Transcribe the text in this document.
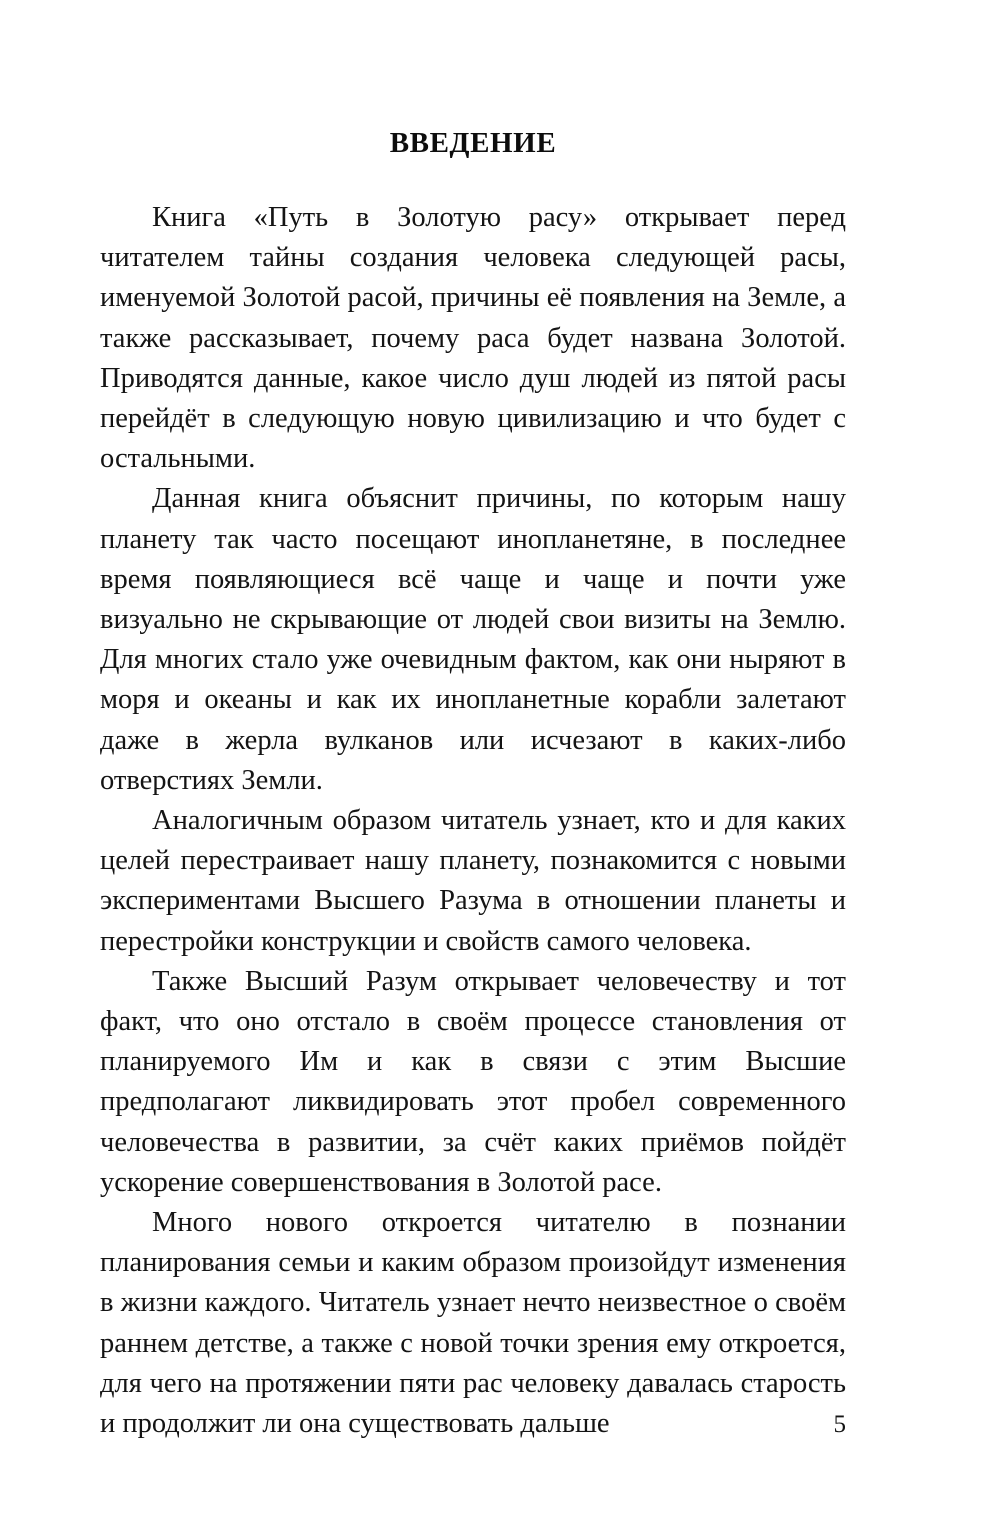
ВВЕДЕНИЕ

Книга «Путь в Золотую расу» открывает перед читателем тайны создания человека следующей расы, именуемой Золотой расой, причины её появления на Земле, а также рассказывает, почему раса будет названа Золотой. Приводятся данные, какое число душ людей из пятой расы перейдёт в следующую новую цивилизацию и что будет с остальными.

Данная книга объяснит причины, по которым нашу планету так часто посещают инопланетяне, в последнее время появляющиеся всё чаще и чаще и почти уже визуально не скрывающие от людей свои визиты на Землю. Для многих стало уже очевидным фактом, как они ныряют в моря и океаны и как их инопланетные корабли залетают даже в жерла вулканов или исчезают в каких-либо отверстиях Земли.

Аналогичным образом читатель узнает, кто и для каких целей перестраивает нашу планету, познакомится с новыми экспериментами Высшего Разума в отношении планеты и перестройки конструкции и свойств самого человека.

Также Высший Разум открывает человечеству и тот факт, что оно отстало в своём процессе становления от планируемого Им и как в связи с этим Высшие предполагают ликвидировать этот пробел современного человечества в развитии, за счёт каких приёмов пойдёт ускорение совершенствования в Золотой расе.

Много нового откроется читателю в познании планирования семьи и каким образом произойдут изменения в жизни каждого. Читатель узнает нечто неизвестное о своём раннем детстве, а также с новой точки зрения ему откроется, для чего на протяжении пяти рас человеку давалась старость и продолжит ли она существовать дальше	5
